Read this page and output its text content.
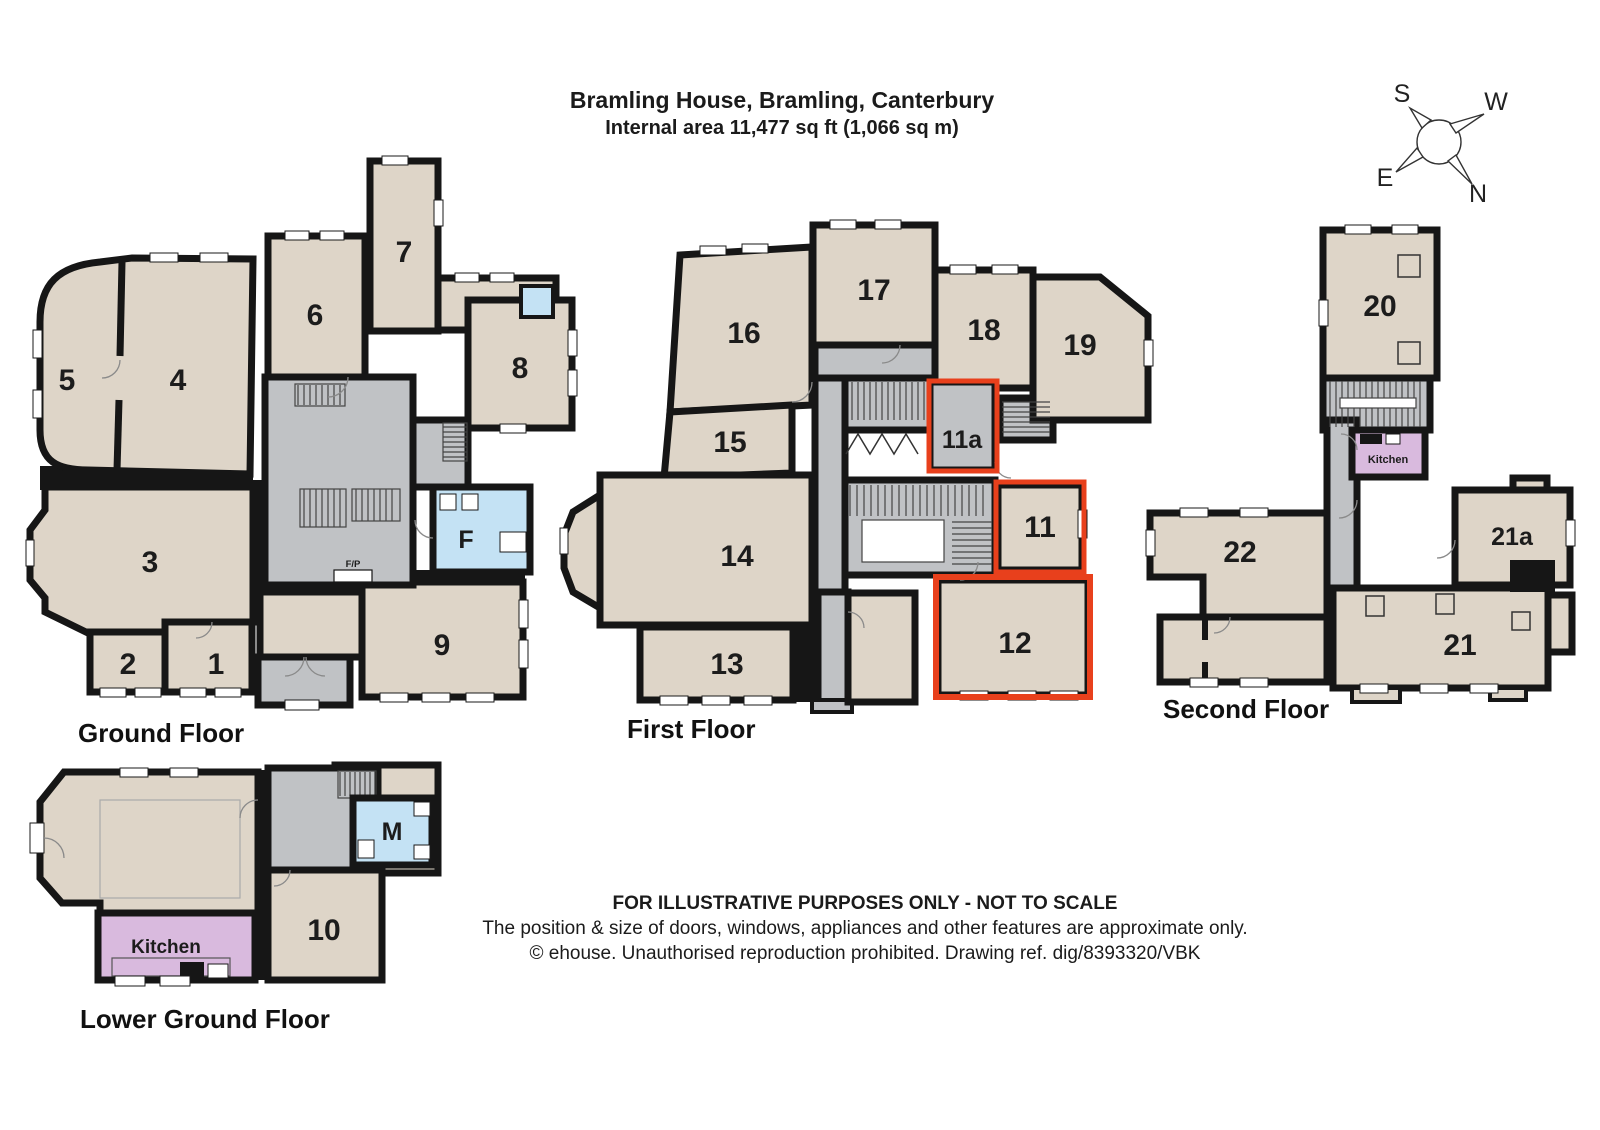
Bramling House, Bramling, Canterbury
Internal area 11,477 sq ft (1,066 sq m)
S	W
E
N
F/P
5	4
6
7
8
3
2 1
9
F
Ground Floor
17
16
15
18 19
14
13
11
11a
12
First Floor
20
22
21
21a
Kitchen
Second Floor
Kitchen
10
M
Lower Ground Floor
FOR ILLUSTRATIVE PURPOSES ONLY - NOT TO SCALE
The position & size of doors, windows, appliances and other features are approximate only.
© ehouse. Unauthorised reproduction prohibited. Drawing ref. dig/8393320/VBK
